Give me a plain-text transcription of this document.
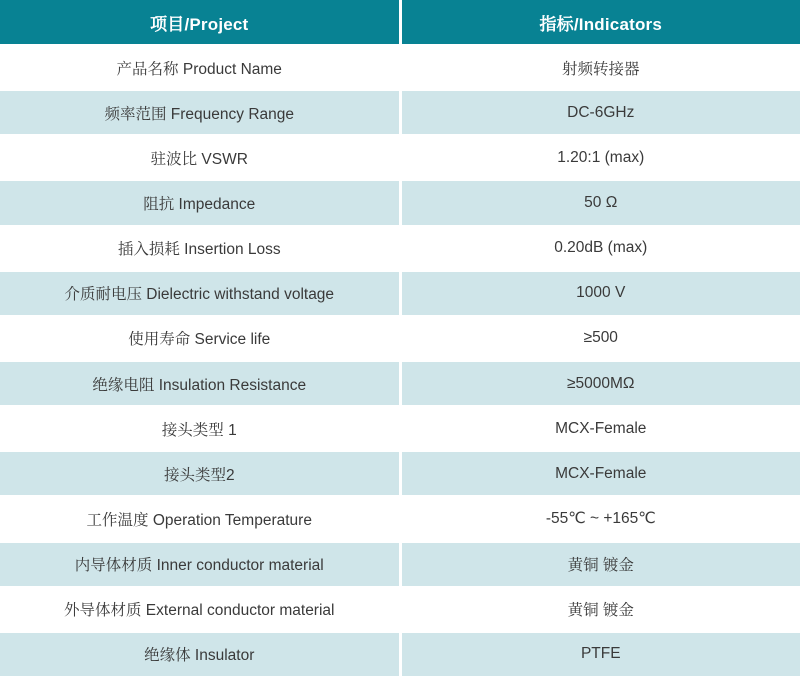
项目/Project	指标/Indicators
产品名称 Product Name	射频转接器
频率范围 Frequency Range	DC-6GHz
驻波比 VSWR	1.20:1 (max)
阻抗 Impedance	50 Ω
插入损耗 Insertion Loss	0.20dB (max)
介质耐电压 Dielectric withstand voltage	1000 V
使用寿命 Service life	≥500
绝缘电阻 Insulation Resistance	≥5000MΩ
接头类型 1	MCX-Female
接头类型2	MCX-Female
工作温度 Operation Temperature	-55℃ ~ +165℃
内导体材质 Inner conductor material	黄铜 镀金
外导体材质 External conductor material	黄铜 镀金
绝缘体 Insulator	PTFE
